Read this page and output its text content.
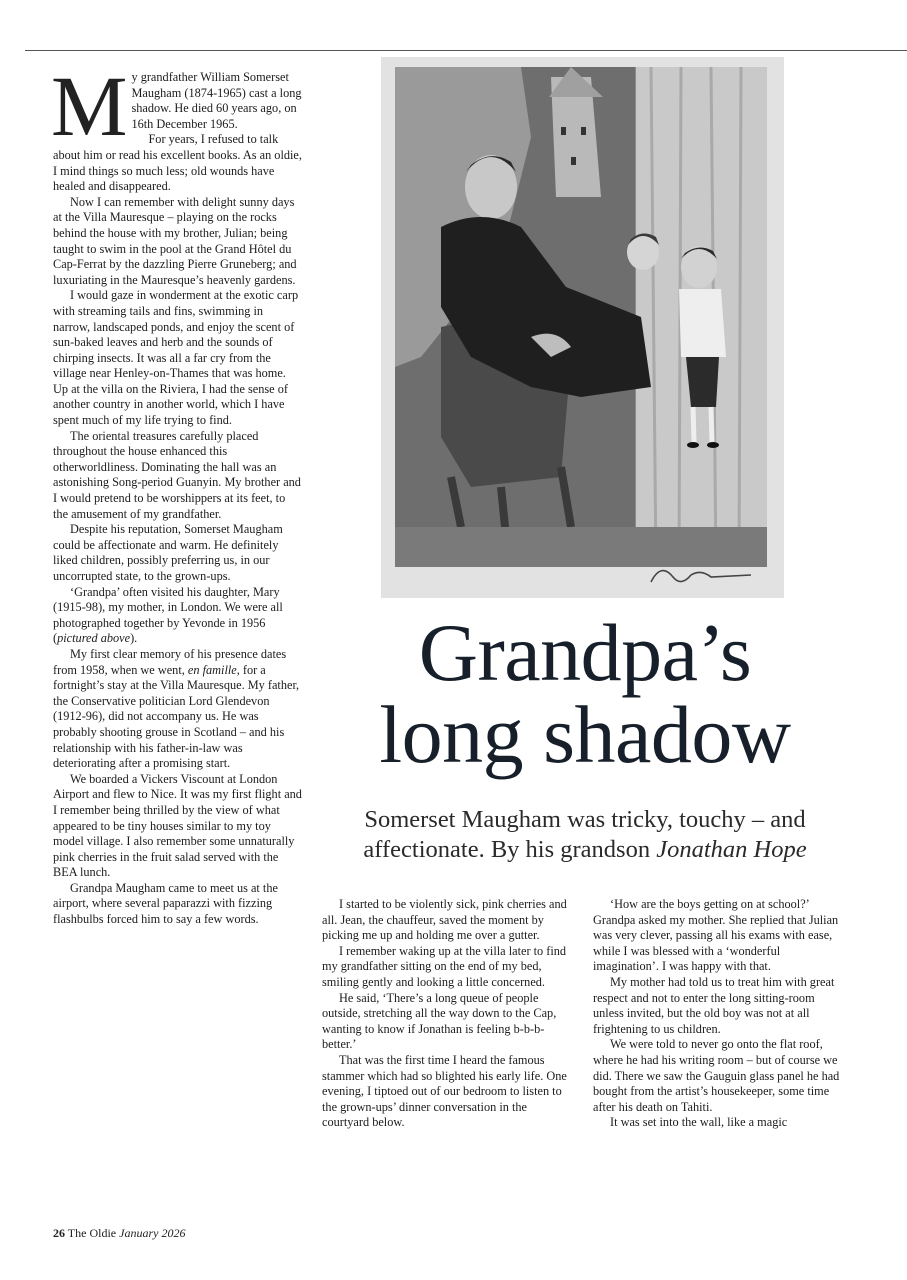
My grandfather William Somerset Maugham (1874-1965) cast a long shadow. He died 60 years ago, on 16th December 1965.

For years, I refused to talk about him or read his excellent books. As an oldie, I mind things so much less; old wounds have healed and disappeared.

Now I can remember with delight sunny days at the Villa Mauresque – playing on the rocks behind the house with my brother, Julian; being taught to swim in the pool at the Grand Hôtel du Cap-Ferrat by the dazzling Pierre Gruneberg; and luxuriating in the Mauresque’s heavenly gardens.

I would gaze in wonderment at the exotic carp with streaming tails and fins, swimming in narrow, landscaped ponds, and enjoy the scent of sun-baked leaves and herb and the sounds of chirping insects. It was all a far cry from the village near Henley-on-Thames that was home. Up at the villa on the Riviera, I had the sense of another country in another world, which I have spent much of my life trying to find.

The oriental treasures carefully placed throughout the house enhanced this otherworldliness. Dominating the hall was an astonishing Song-period Guanyin. My brother and I would pretend to be worshippers at its feet, to the amusement of my grandfather.

Despite his reputation, Somerset Maugham could be affectionate and warm. He definitely liked children, possibly preferring us, in our uncorrupted state, to the grown-ups.

‘Grandpa’ often visited his daughter, Mary (1915-98), my mother, in London. We were all photographed together by Yevonde in 1956 (pictured above).

My first clear memory of his presence dates from 1958, when we went, en famille, for a fortnight’s stay at the Villa Mauresque. My father, the Conservative politician Lord Glendevon (1912-96), did not accompany us. He was probably shooting grouse in Scotland – and his relationship with his father-in-law was deteriorating after a promising start.

We boarded a Vickers Viscount at London Airport and flew to Nice. It was my first flight and I remember being thrilled by the view of what appeared to be tiny houses similar to my toy model village. I also remember some unnaturally pink cherries in the fruit salad served with the BEA lunch.

Grandpa Maugham came to meet us at the airport, where several paparazzi with fizzing flashbulbs forced him to say a few words.

Grandpa’s
long shadow
Somerset Maugham was tricky, touchy – and affectionate. By his grandson Jonathan Hope

I started to be violently sick, pink cherries and all. Jean, the chauffeur, saved the moment by picking me up and holding me over a gutter.

I remember waking up at the villa later to find my grandfather sitting on the end of my bed, smiling gently and looking a little concerned.

He said, ‘There’s a long queue of people outside, stretching all the way down to the Cap, wanting to know if Jonathan is feeling b-b-b-better.’

That was the first time I heard the famous stammer which had so blighted his early life. One evening, I tiptoed out of our bedroom to listen to the grown-ups’ dinner conversation in the courtyard below.

‘How are the boys getting on at school?’ Grandpa asked my mother. She replied that Julian was very clever, passing all his exams with ease, while I was blessed with a ‘wonderful imagination’. I was happy with that.

My mother had told us to treat him with great respect and not to enter the long sitting-room unless invited, but the old boy was not at all frightening to us children.

We were told to never go onto the flat roof, where he had his writing room – but of course we did. There we saw the Gauguin glass panel he had bought from the artist’s housekeeper, some time after his death on Tahiti.

It was set into the wall, like a magic

26 The Oldie January 2026
